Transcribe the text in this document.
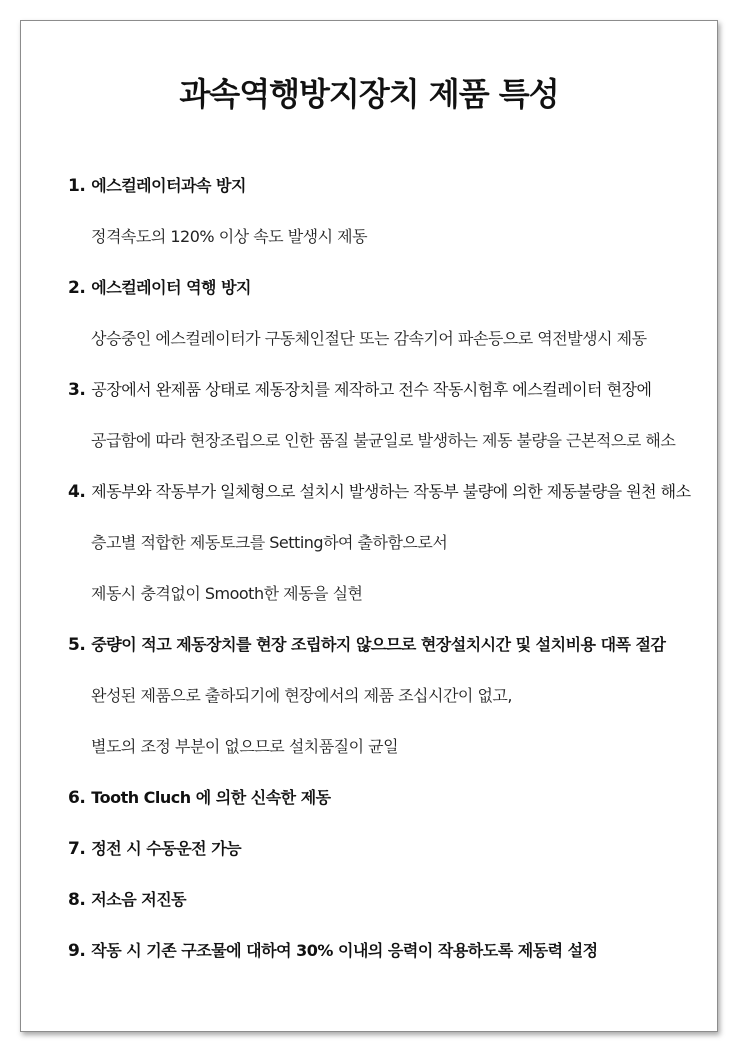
과속역행방지장치 제품 특성
1. 에스컬레이터과속 방지
정격속도의 120% 이상 속도 발생시 제동
2. 에스컬레이터 역행 방지
상승중인 에스컬레이터가 구동체인절단 또는 감속기어 파손등으로 역전발생시 제동
3. 공장에서 완제품 상태로 제동장치를 제작하고 전수 작동시험후 에스컬레이터 현장에
공급함에 따라 현장조립으로 인한 품질 불균일로 발생하는 제동 불량을 근본적으로 해소
4. 제동부와 작동부가 일체형으로 설치시 발생하는 작동부 불량에 의한 제동불량을 원천 해소
층고별 적합한 제동토크를 Setting하여 출하함으로서
제동시 충격없이 Smooth한 제동을 실현
5. 중량이 적고 제동장치를 현장 조립하지 않으므로 현장설치시간 및 설치비용 대폭 절감
완성된 제품으로 출하되기에 현장에서의 제품 조십시간이 없고,
별도의 조정 부분이 없으므로 설치품질이 균일
6. Tooth Cluch 에 의한 신속한 제동
7. 정전 시 수동운전 가능
8. 저소음 저진동
9. 작동 시 기존 구조물에 대하여 30% 이내의 응력이 작용하도록 제동력 설정
